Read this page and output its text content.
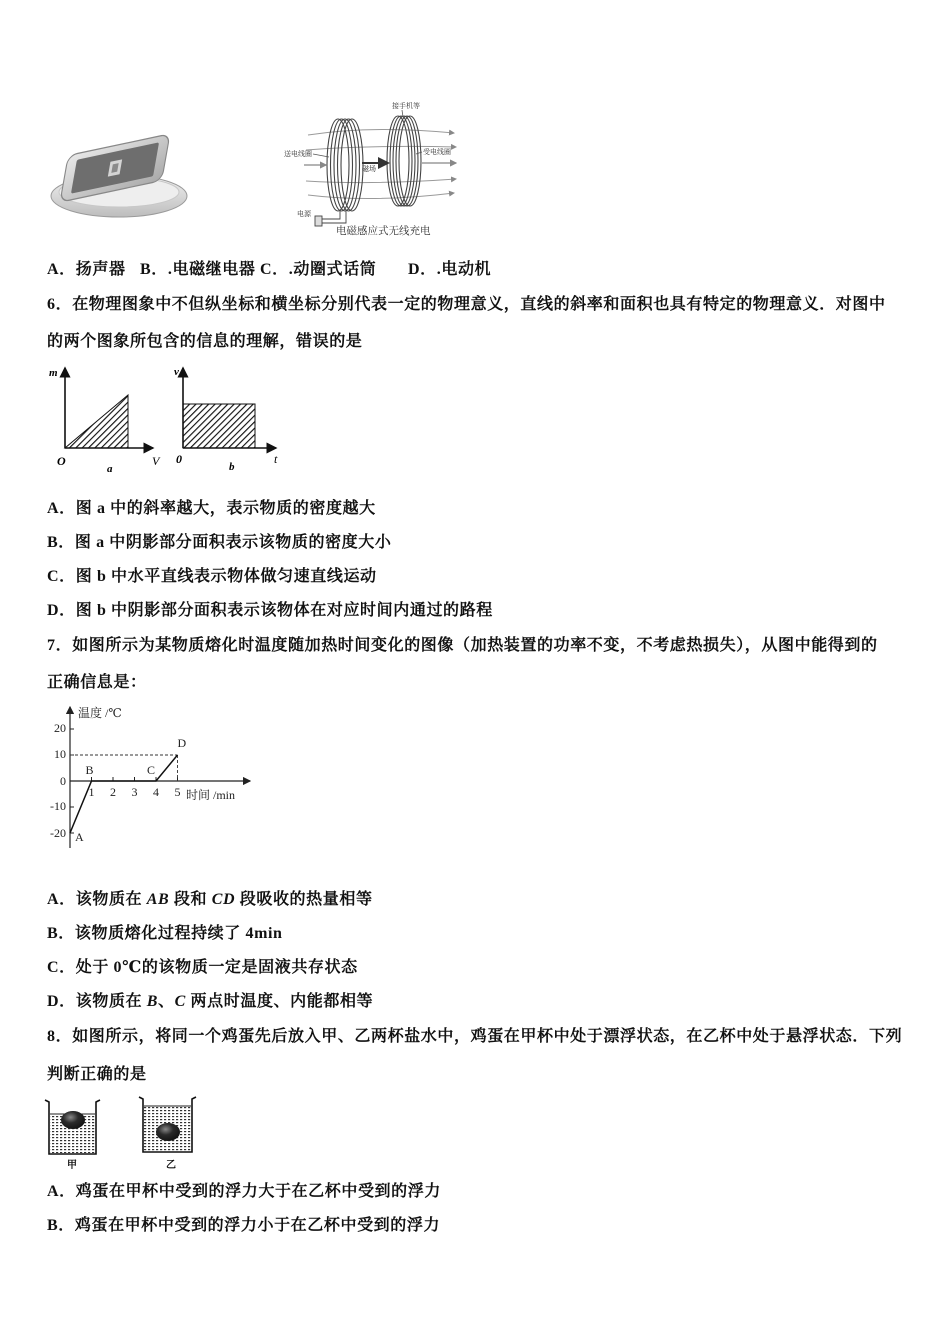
接手机等
送电线圈	受电线圈
磁场
电源
电磁感应式无线充电
A．扬声器 B．.电磁继电器 C．.动圈式话筒 D．.电动机
6．在物理图象中不但纵坐标和横坐标分别代表一定的物理意义，直线的斜率和面积也具有特定的物理意义．对图中
的两个图象所包含的信息的理解，错误的是
m
O	V
a
v
0	t
b
A．图 a 中的斜率越大，表示物质的密度越大
B．图 a 中阴影部分面积表示该物质的密度大小
C．图 b 中水平直线表示物体做匀速直线运动
D．图 b 中阴影部分面积表示该物体在对应时间内通过的路程
7．如图所示为某物质熔化时温度随加热时间变化的图像（加热装置的功率不变，不考虑热损失），从图中能得到的
正确信息是：
20
10
0
-10
-20
1 2 3 4 5
温度 /℃
时间 /min
A
B	C
D
A．该物质在 AB 段和 CD 段吸收的热量相等
B．该物质熔化过程持续了 4min
C．处于 0℃的该物质一定是固液共存状态
D．该物质在 B、C 两点时温度、内能都相等
8．如图所示，将同一个鸡蛋先后放入甲、乙两杯盐水中，鸡蛋在甲杯中处于漂浮状态，在乙杯中处于悬浮状态．下列
判断正确的是
甲	乙
A．鸡蛋在甲杯中受到的浮力大于在乙杯中受到的浮力
B．鸡蛋在甲杯中受到的浮力小于在乙杯中受到的浮力
